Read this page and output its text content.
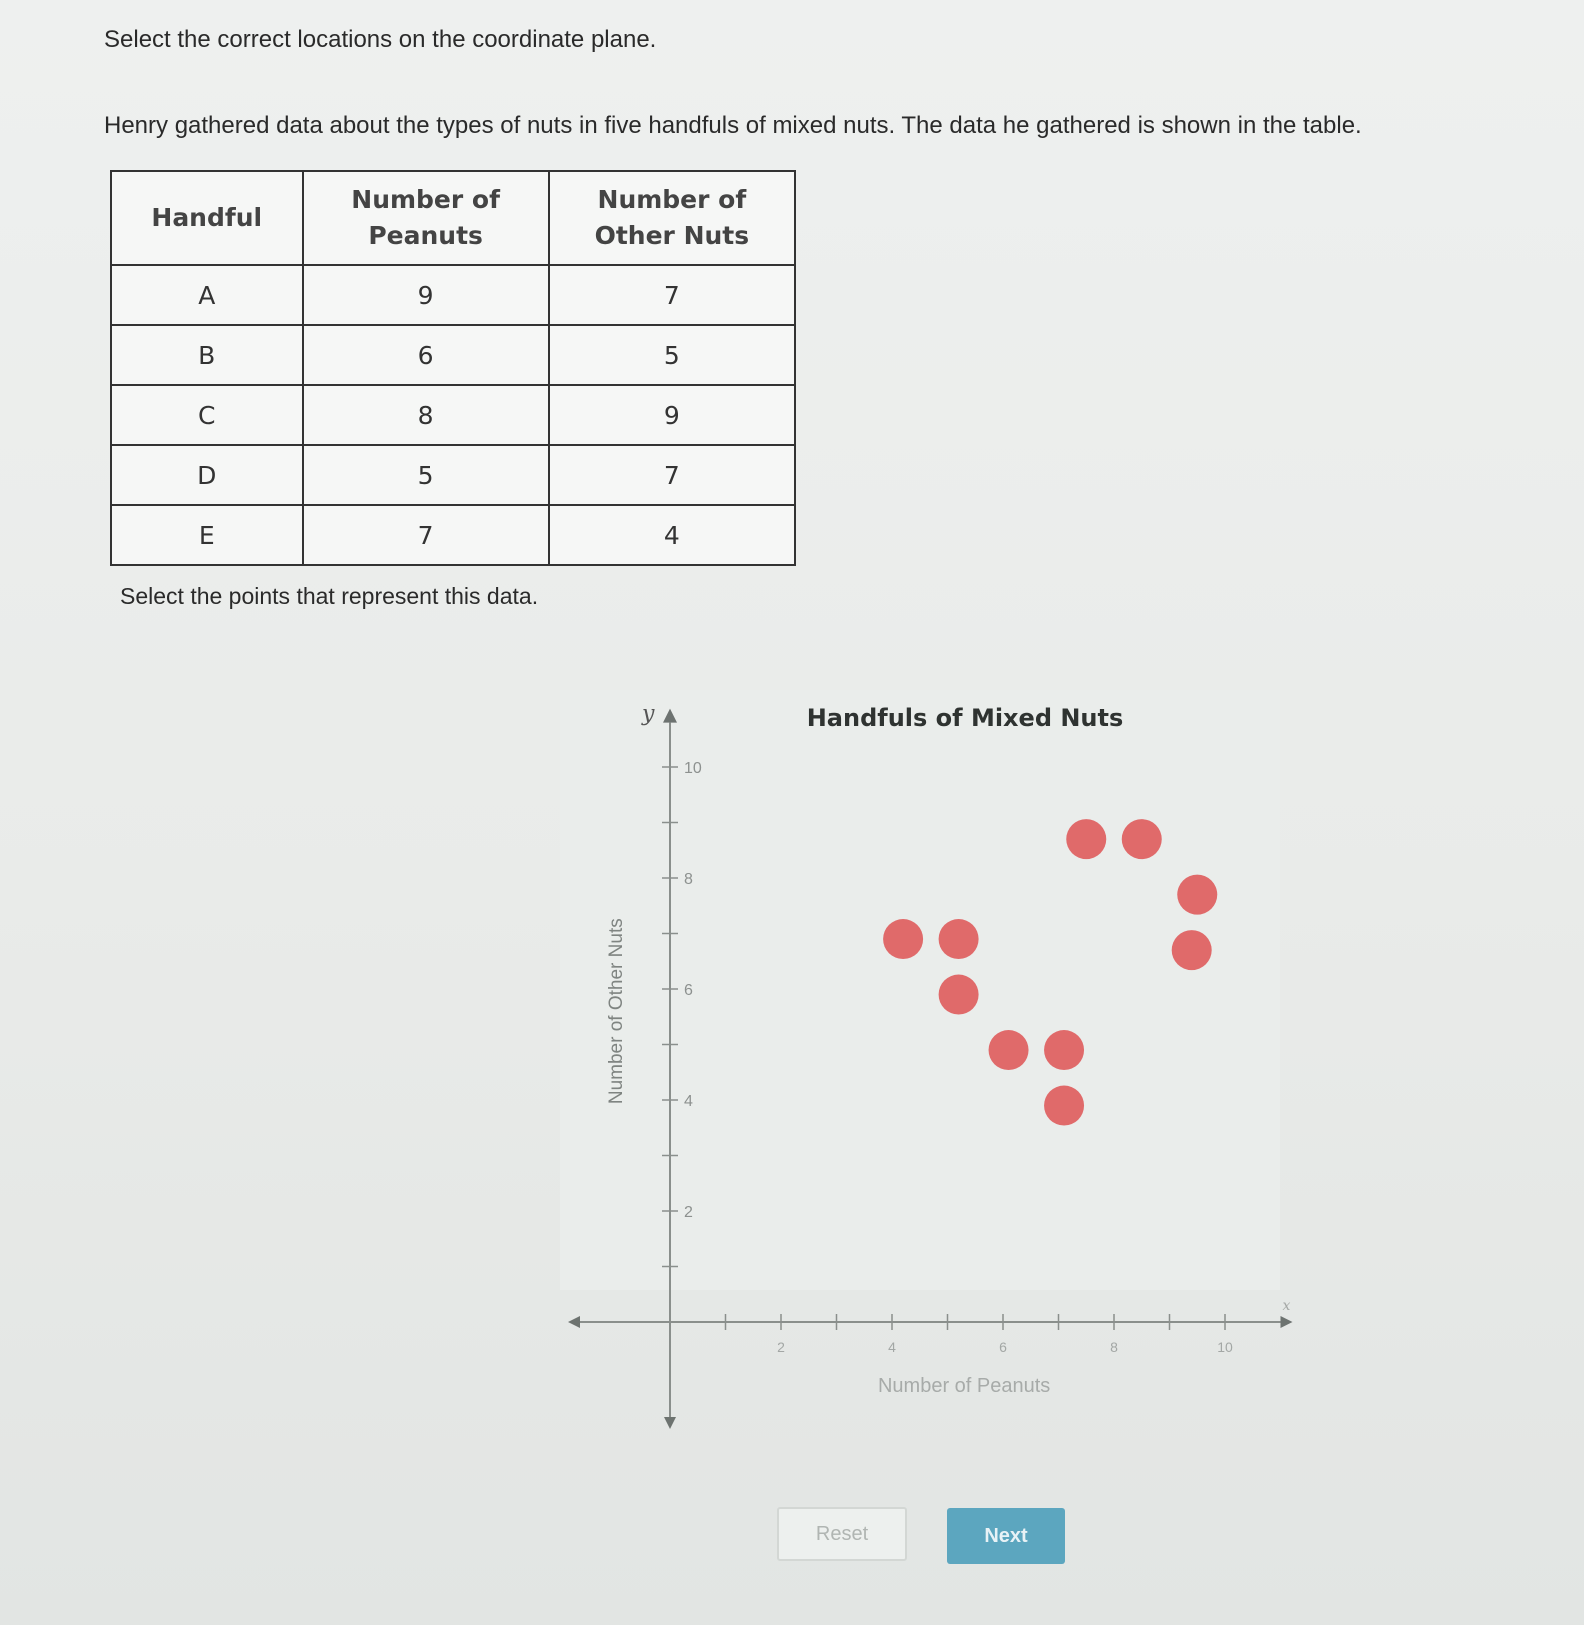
Select the correct locations on the coordinate plane.

Henry gathered data about the types of nuts in five handfuls of mixed nuts. The data he gathered is shown in the table.

Handful	Number of Peanuts	Number of Other Nuts
A	9	7
B	6	5
C	8	9
D	5	7
E	7	4

Select the points that represent this data.

2
4
6
8
10
2	4	6	8	10
y
x
Handfuls of Mixed Nuts
Number of Peanuts
Number of Other Nuts
Reset	Next
